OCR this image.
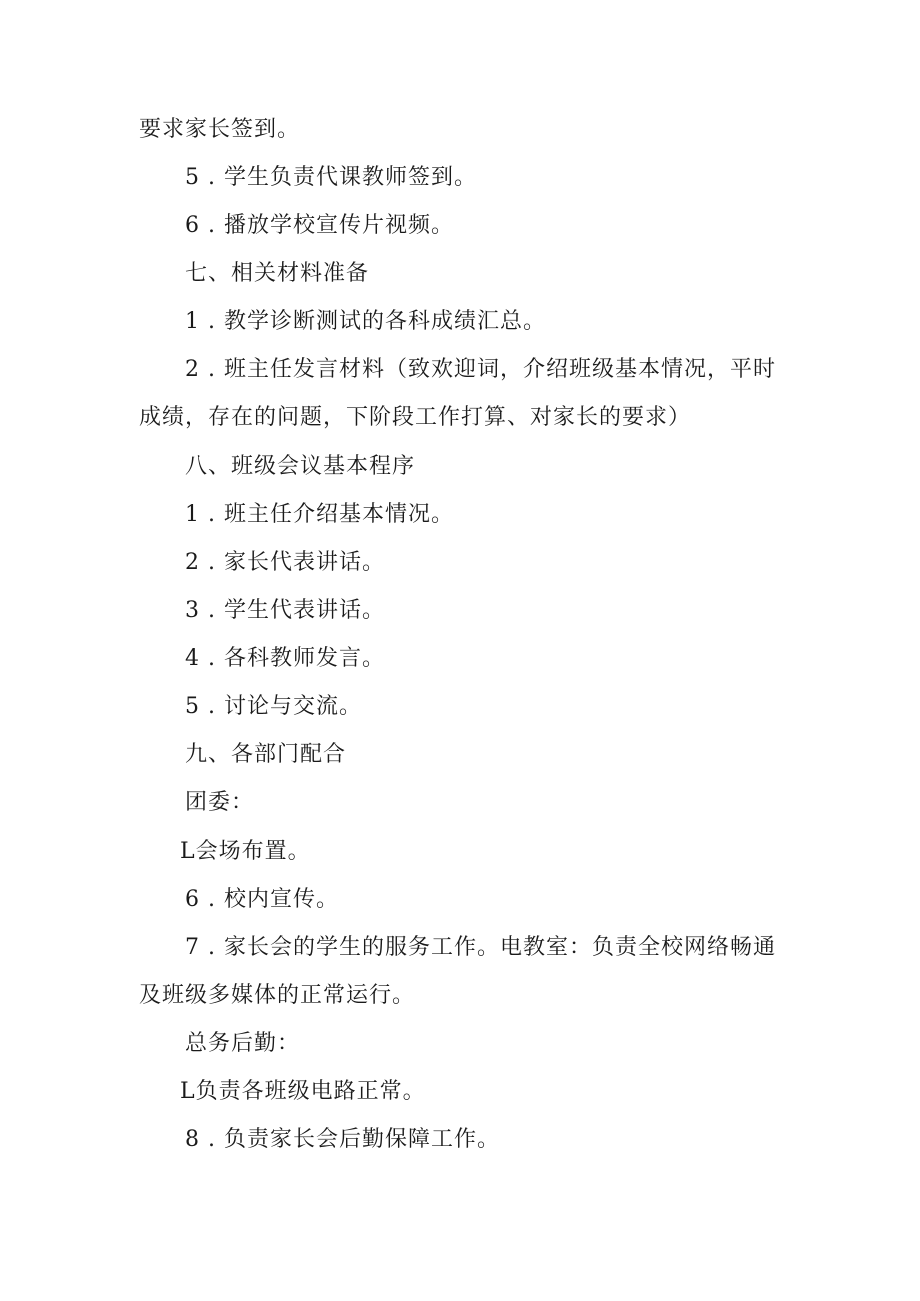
要求家长签到。
5 . 学生负责代课教师签到。
6 . 播放学校宣传片视频。
七、相关材料准备
1 . 教学诊断测试的各科成绩汇总。
2 . 班主任发言材料（致欢迎词，介绍班级基本情况，平时
成绩，存在的问题，下阶段工作打算、对家长的要求）
八、班级会议基本程序
1 . 班主任介绍基本情况。
2 . 家长代表讲话。
3 . 学生代表讲话。
4 . 各科教师发言。
5 . 讨论与交流。
九、各部门配合
团委：
L会场布置。
6 . 校内宣传。
7 . 家长会的学生的服务工作。电教室：负责全校网络畅通
及班级多媒体的正常运行。
总务后勤：
L负责各班级电路正常。
8 . 负责家长会后勤保障工作。
